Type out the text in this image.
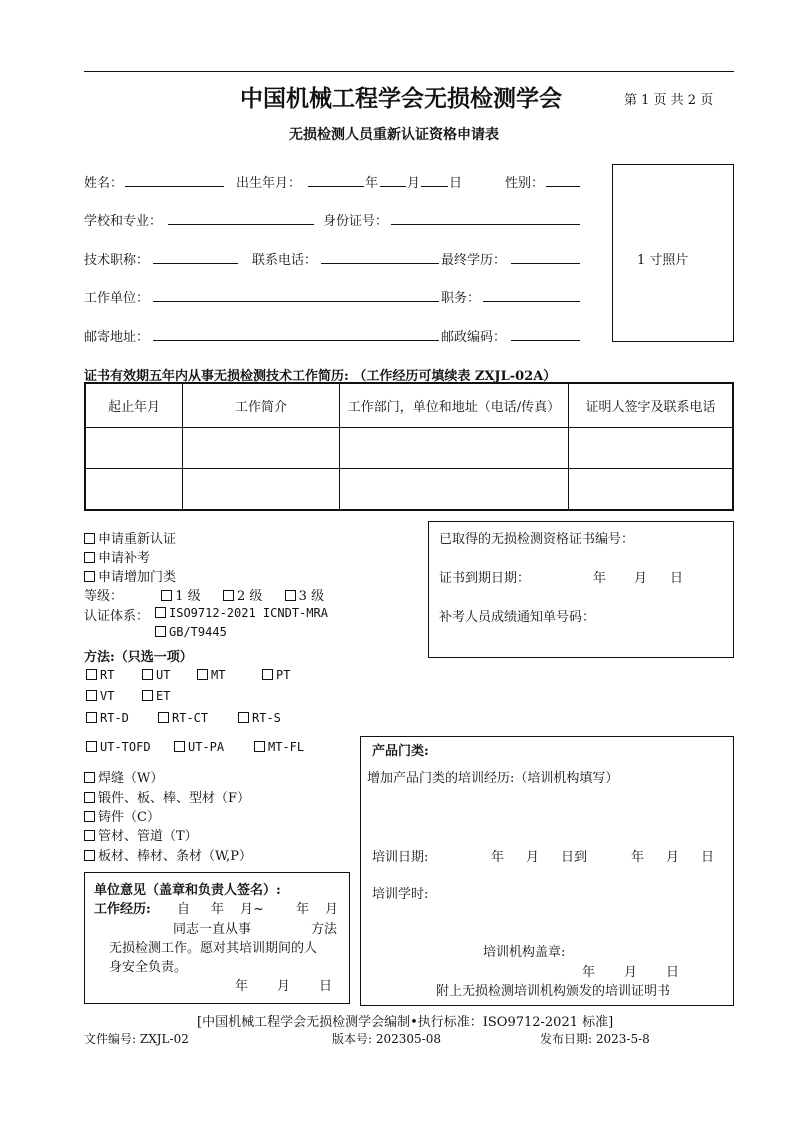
中国机械工程学会无损检测学会	第 1 页 共 2 页
无损检测人员重新认证资格申请表
姓名：	出生年月：	年 月 日	性别：
学校和专业：	身份证号：
技术职称：	联系电话：	最终学历：
工作单位：	职务：
邮寄地址：	邮政编码：
1 寸照片
证书有效期五年内从事无损检测技术工作简历: （工作经历可填续表 ZXJL-02A）
起止年月	工作简介	工作部门，单位和地址（电话/传真）	证明人签字及联系电话

申请重新认证
申请补考
申请增加门类
等级：	1 级	2 级	3 级
认证体系：	ISO9712-2021 ICNDT-MRA
GB/T9445
已取得的无损检测资格证书编号：
证书到期日期：	年 月 日
补考人员成绩通知单号码：
方法:（只选一项）
RT	UT	MT	PT
VT	ET
RT-D	RT-CT	RT-S
UT-TOFD	UT-PA	MT-FL
焊缝（W）
锻件、板、棒、型材（F）
铸件（C）
管材、管道（T）
板材、棒材、条材（W,P）
产品门类:
增加产品门类的培训经历:（培训机构填写）
培训日期:	年 月 日到	年 月 日
培训学时:
培训机构盖章:
年 月 日
附上无损检测培训机构颁发的培训证明书
单位意见（盖章和负责人签名）:
工作经历: 自 年 月~ 年 月
同志一直从事	方法
无损检测工作。愿对其培训期间的人
身安全负责。
年 月 日
[中国机械工程学会无损检测学会编制•执行标准：ISO9712-2021 标准]
文件编号: ZXJL-02	版本号: 202305-08	发布日期: 2023-5-8
